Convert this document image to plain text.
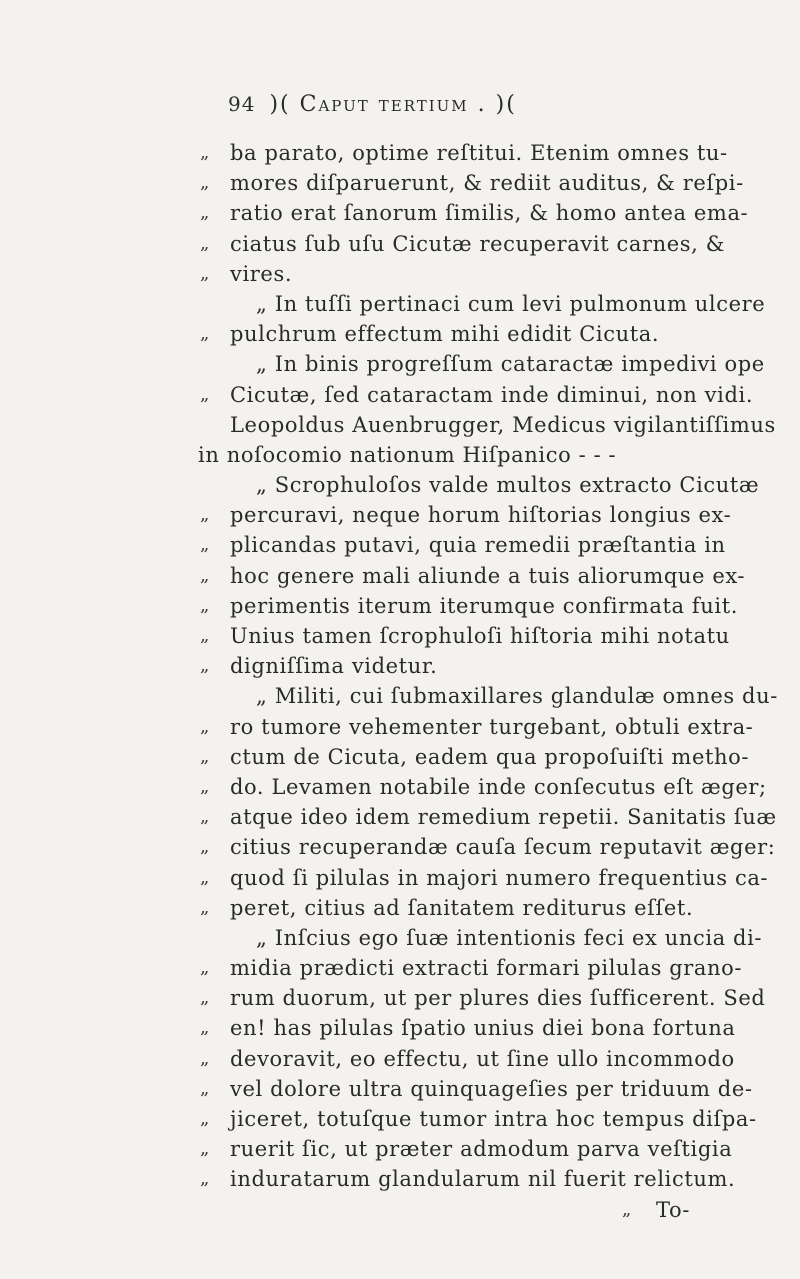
94 )( Caput tertium . )(
„ ba parato, optime reſtitui. Etenim omnes tu-
„ mores diſparuerunt, & rediit auditus, & reſpi-
„ ratio erat ſanorum ſimilis, & homo antea ema-
„ ciatus ſub uſu Cicutæ recuperavit carnes, &
„ vires.
„ In tuſſi pertinaci cum levi pulmonum ulcere
„ pulchrum effectum mihi edidit Cicuta.
„ In binis progreſſum cataractæ impedivi ope
„ Cicutæ, ſed cataractam inde diminui, non vidi.
Leopoldus Auenbrugger, Medicus vigilantiſſimus
in noſocomio nationum Hiſpanico - - -
„ Scrophuloſos valde multos extracto Cicutæ
„ percuravi, neque horum hiſtorias longius ex-
„ plicandas putavi, quia remedii præſtantia in
„ hoc genere mali aliunde a tuis aliorumque ex-
„ perimentis iterum iterumque confirmata fuit.
„ Unius tamen ſcrophuloſi hiſtoria mihi notatu
„ digniſſima videtur.
„ Militi, cui ſubmaxillares glandulæ omnes du-
„ ro tumore vehementer turgebant, obtuli extra-
„ ctum de Cicuta, eadem qua propoſuiſti metho-
„ do. Levamen notabile inde conſecutus eſt æger;
„ atque ideo idem remedium repetii. Sanitatis ſuæ
„ citius recuperandæ cauſa ſecum reputavit æger:
„ quod ſi pilulas in majori numero frequentius ca-
„ peret, citius ad ſanitatem rediturus eſſet.
„ Inſcius ego ſuæ intentionis feci ex uncia di-
„ midia prædicti extracti formari pilulas grano-
„ rum duorum, ut per plures dies ſufficerent. Sed
„ en! has pilulas ſpatio unius diei bona fortuna
„ devoravit, eo effectu, ut ſine ullo incommodo
„ vel dolore ultra quinquageſies per triduum de-
„ jiceret, totuſque tumor intra hoc tempus diſpa-
„ ruerit ſic, ut præter admodum parva veſtigia
„ induratarum glandularum nil fuerit relictum.
„	To-
